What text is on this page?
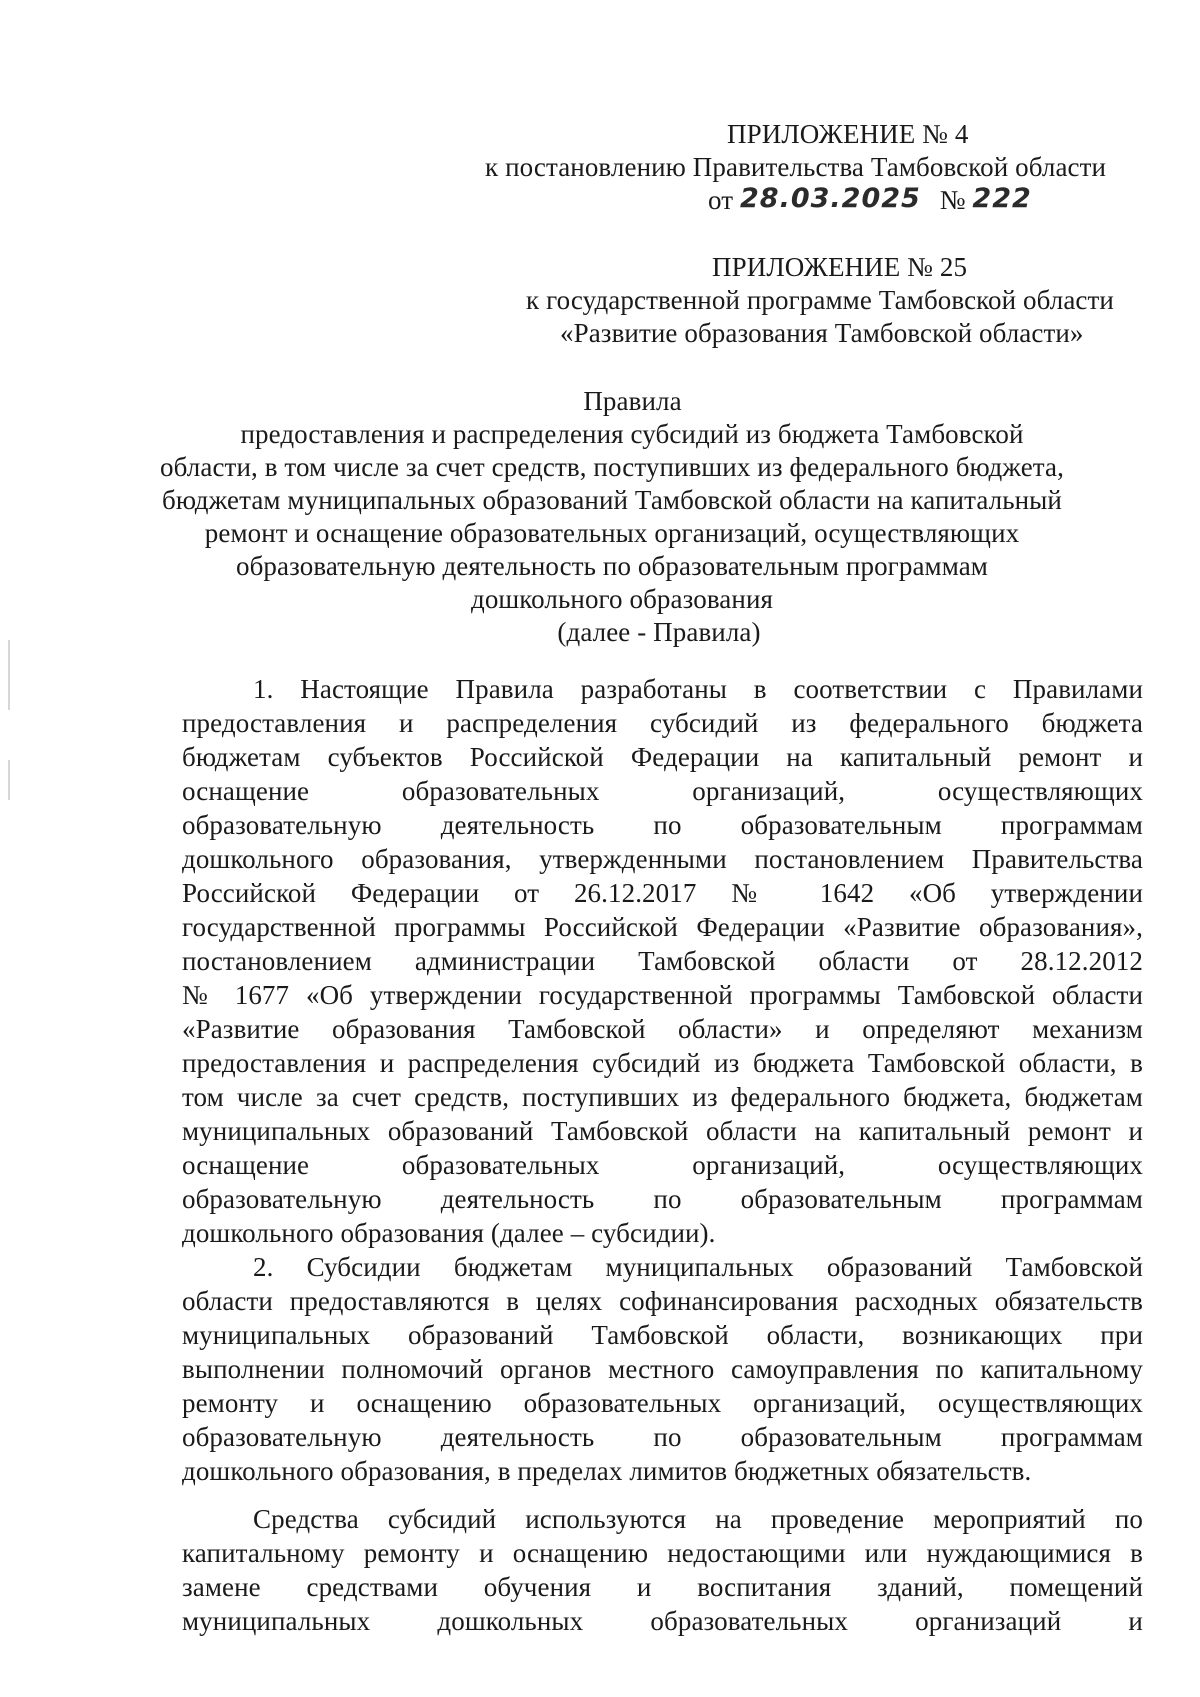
ПРИЛОЖЕНИЕ № 4
к постановлению Правительства Тамбовской области
от 28.03.2025 № 222
ПРИЛОЖЕНИЕ № 25
к государственной программе Тамбовской области
«Развитие образования Тамбовской области»
Правила
предоставления и распределения субсидий из бюджета Тамбовской
области, в том числе за счет средств, поступивших из федерального бюджета,
бюджетам муниципальных образований Тамбовской области на капитальный
ремонт и оснащение образовательных организаций, осуществляющих
образовательную деятельность по образовательным программам
дошкольного образования
(далее - Правила)
1. Настоящие Правила разработаны в соответствии с Правилами
предоставления и распределения субсидий из федерального бюджета
бюджетам субъектов Российской Федерации на капитальный ремонт и
оснащение образовательных организаций, осуществляющих
образовательную деятельность по образовательным программам
дошкольного образования, утвержденными постановлением Правительства
Российской Федерации от 26.12.2017 № 1642 «Об утверждении
государственной программы Российской Федерации «Развитие образования»,
постановлением администрации Тамбовской области от 28.12.2012
№ 1677 «Об утверждении государственной программы Тамбовской области
«Развитие образования Тамбовской области» и определяют механизм
предоставления и распределения субсидий из бюджета Тамбовской области, в
том числе за счет средств, поступивших из федерального бюджета, бюджетам
муниципальных образований Тамбовской области на капитальный ремонт и
оснащение образовательных организаций, осуществляющих
образовательную деятельность по образовательным программам
дошкольного образования (далее – субсидии).
2. Субсидии бюджетам муниципальных образований Тамбовской
области предоставляются в целях софинансирования расходных обязательств
муниципальных образований Тамбовской области, возникающих при
выполнении полномочий органов местного самоуправления по капитальному
ремонту и оснащению образовательных организаций, осуществляющих
образовательную деятельность по образовательным программам
дошкольного образования, в пределах лимитов бюджетных обязательств.
Средства субсидий используются на проведение мероприятий по
капитальному ремонту и оснащению недостающими или нуждающимися в
замене средствами обучения и воспитания зданий, помещений
муниципальных дошкольных образовательных организаций и
